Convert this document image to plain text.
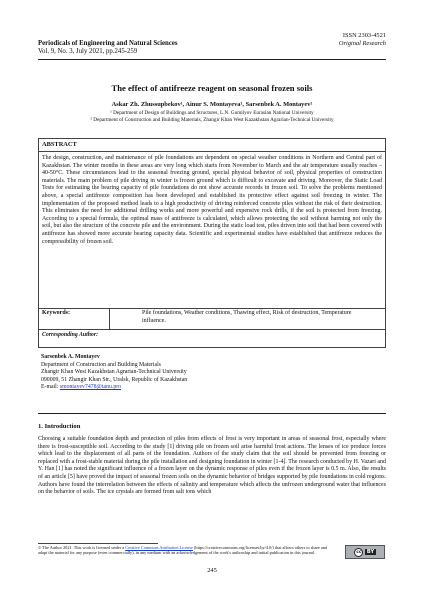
ISSN 2303-4521
Original Research
Periodicals of Engineering and Natural Sciences
Vol. 9, No. 3, July 2021, pp.245-259
The effect of antifreeze reagent on seasonal frozen soils
Askar Zh. Zhussupbekov¹, Ainur S. Montayeva¹, Sarsenbek A. Montayev²
¹ Department of Design of Buildings and Structures, L.N. Gumilyov Eurasian National University
² Department of Construction and Building Materials, Zhangir Khan West Kazakhstan Agrarian-Technical University
ABSTRACT

The design, construction, and maintenance of pile foundations are dependent on special weather conditions in Northern and Central part of Kazakhstan. The winter months in these areas are very long which starts from November to March and the air temperature usually reaches – 40-50°C. These circumstances lead to the seasonal freezing ground, special physical behavior of soil, physical properties of construction materials. The main problem of pile driving in winter is frozen ground which is difficult to excavate and driving. Moreover, the Static Load Tests for estimating the bearing capacity of pile foundations do not show accurate records in frozen soil. To solve the problems mentioned above, a special antifreeze composition has been developed and established its protective effect against soil freezing in winter. The implementation of the proposed method leads to a high productivity of driving reinforced concrete piles without the risk of their destruction. This eliminates the need for additional drilling works and more powerful and expensive rock drills, if the soil is protected from freezing. According to a special formula, the optimal mass of antifreeze is calculated, which allows protecting the soil without harming not only the soil, but also the structure of the concrete pile and the environment. During the static load test, piles driven into soil that had been covered with antifreeze has showed more accurate bearing capacity data. Scientific and experimental studies have established that antifreeze reduces the compressibility of frozen soil.

Keywords:	Pile foundations, Weather conditions, Thawing effect, Risk of destruction, Temperature influence.

Corresponding Author:
Sarsenbek A. Montayev
Department of Construction and Building Materials
Zhangir Khan West Kazakhstan Agrarian-Technical University
090009, 51 Zhangir Khan Str., Uralsk, Republic of Kazakhstan
E-mail: smontayev7478@tanu.pro
1. Introduction

Choosing a suitable foundation depth and protection of piles from effects of frost is very important in areas of seasonal frost, especially where there is frost-susceptible soil. According to the study [1] driving pile on frozen soil arise harmful frost actions. The lenses of ice produce forces which lead to the displacement of all parts of the foundation. Authors of the study claim that the soil should be prevented from freezing or replaced with a frost-stable material during the pile installation and designing foundation in winter [1-4]. The research conducted by H. Vazari and Y. Han [1] has noted the significant influence of a frozen layer on the dynamic response of piles even if the frozen layer is 0.5 m. Also, the results of an article [5] have proved the impact of seasonal frozen soils on the dynamic behavior of bridges supported by pile foundations in cold regions. Authors have found the interrelation between the effects of salinity and temperature which affects the unfrozen underground water that influences on the behavior of soils. The ice crystals are formed from salt ions which

© The Author 2021. This work is licensed under a Creative Commons Attribution License (https://creativecommons.org/licenses/by/4.0/) that allows others to share and adapt the material for any purpose (even commercially), in any medium with an acknowledgement of the work's authorship and initial publication in this journal.	cc	BY
245
